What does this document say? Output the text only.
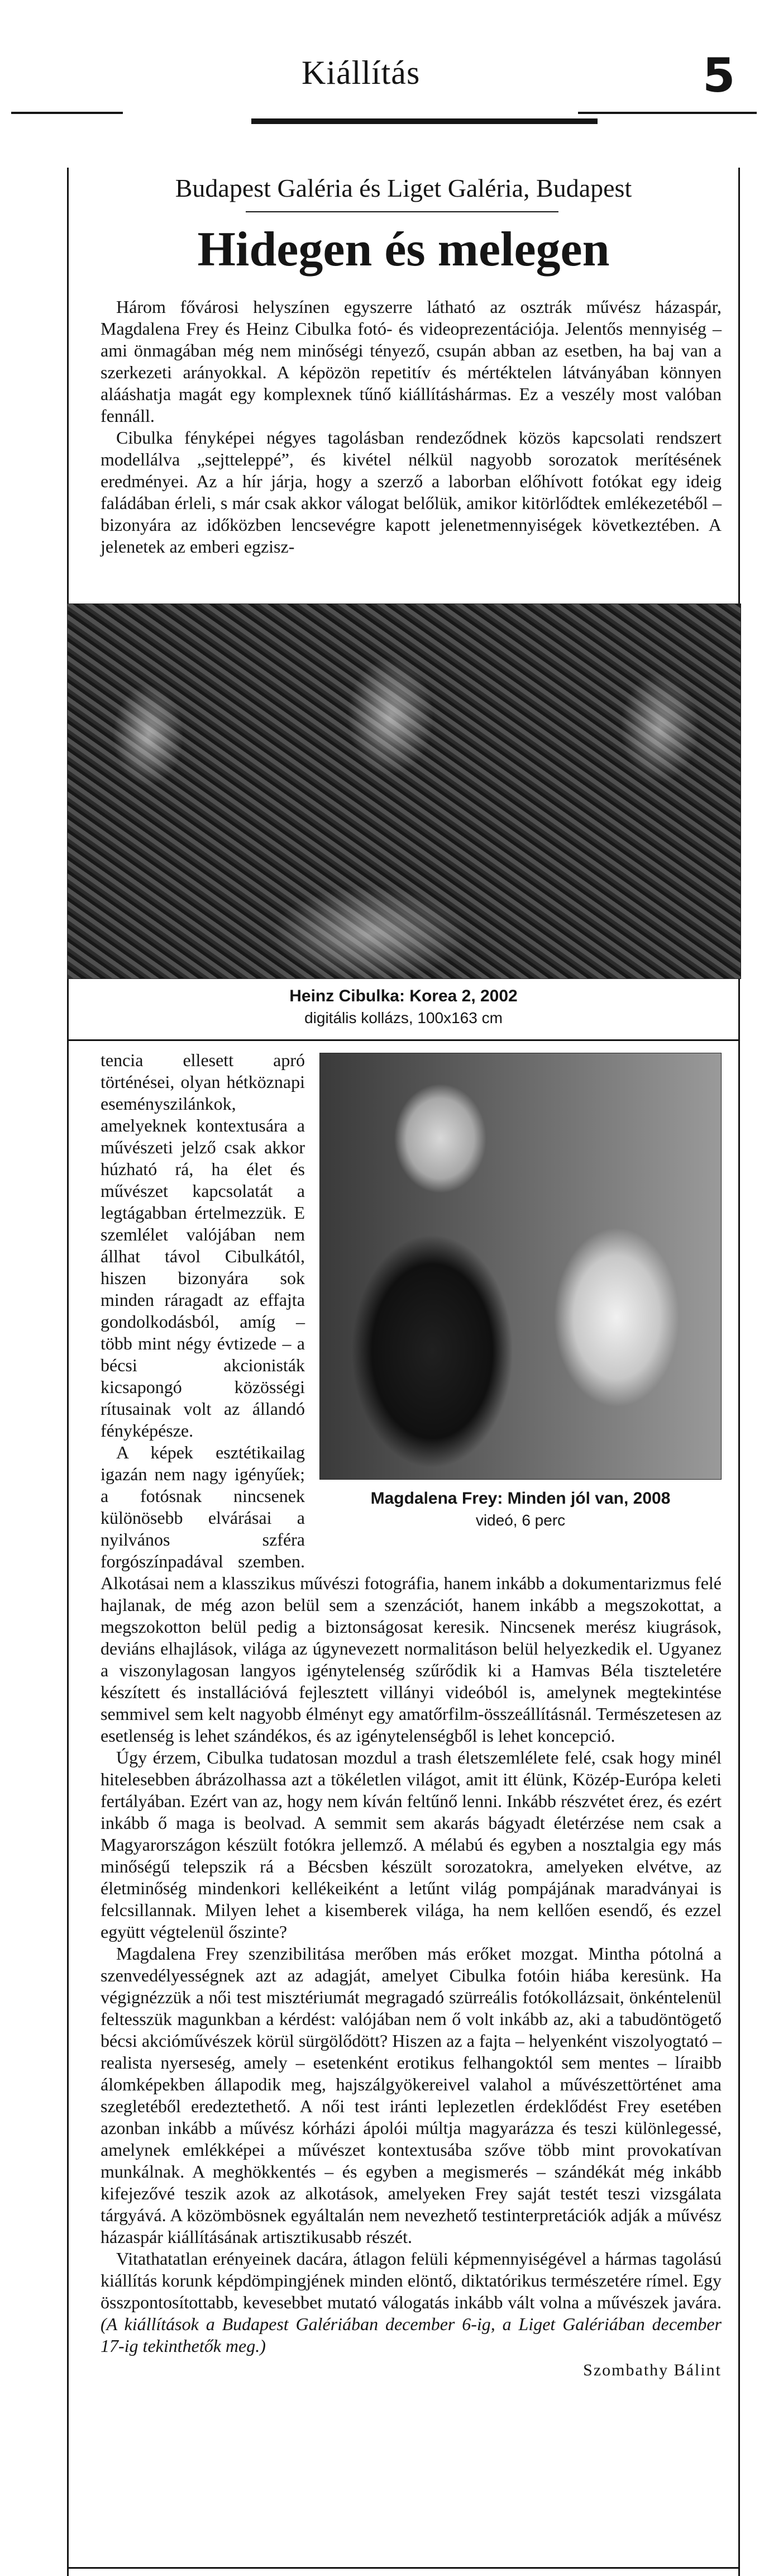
Kiállítás	5
Budapest Galéria és Liget Galéria, Budapest
Hidegen és melegen

Három fővárosi helyszínen egyszerre látható az osztrák művész házaspár, Magdalena Frey és Heinz Cibulka fotó- és videoprezentációja. Jelentős mennyiség – ami önmagában még nem minőségi tényező, csupán abban az esetben, ha baj van a szerkezeti arányokkal. A képözön repetitív és mértéktelen látványában könnyen alááshatja magát egy komplexnek tűnő kiállításhármas. Ez a veszély most valóban fennáll.

Cibulka fényképei négyes tagolásban rendeződnek közös kapcsolati rendszert modellálva „sejtteleppé”, és kivétel nélkül nagyobb sorozatok merítésének eredményei. Az a hír járja, hogy a szerző a laborban előhívott fotókat egy ideig faládában érleli, s már csak akkor válogat belőlük, amikor kitörlődtek emlékezetéből – bizonyára az időközben lencsevégre kapott jelenetmennyiségek következtében. A jelenetek az emberi egzisz-

Heinz Cibulka: Korea 2, 2002
digitális kollázs, 100x163 cm
Magdalena Frey: Minden jól van, 2008
videó, 6 perc

tencia ellesett apró történései, olyan hétköznapi eseményszilánkok, amelyeknek kontextusára a művészeti jelző csak akkor húzható rá, ha élet és művészet kapcsolatát a legtágabban értelmezzük. E szemlélet valójában nem állhat távol Cibulkától, hiszen bizonyára sok minden ráragadt az effajta gondolkodásból, amíg – több mint négy évtizede – a bécsi akcionisták kicsapongó közösségi rítusainak volt az állandó fényképésze.

A képek esztétikailag igazán nem nagy igényűek; a fotósnak nincsenek különösebb elvárásai a nyilvános szféra forgószínpadával szemben. Alkotásai nem a klasszikus művészi fotográfia, hanem inkább a dokumentarizmus felé hajlanak, de még azon belül sem a szenzációt, hanem inkább a megszokottat, a megszokotton belül pedig a biztonságosat keresik. Nincsenek merész kiugrások, deviáns elhajlások, világa az úgynevezett normalitáson belül helyezkedik el. Ugyanez a viszonylagosan langyos igénytelenség szűrődik ki a Hamvas Béla tiszteletére készített és installációvá fejlesztett villányi videóból is, amelynek megtekintése semmivel sem kelt nagyobb élményt egy amatőrfilm-összeállításnál. Természetesen az esetlenség is lehet szándékos, és az igénytelenségből is lehet koncepció.

Úgy érzem, Cibulka tudatosan mozdul a trash életszemlélete felé, csak hogy minél hitelesebben ábrázolhassa azt a tökéletlen világot, amit itt élünk, Közép-Európa keleti fertályában. Ezért van az, hogy nem kíván feltűnő lenni. Inkább részvétet érez, és ezért inkább ő maga is beolvad. A semmit sem akarás bágyadt életérzése nem csak a Magyarországon készült fotókra jellemző. A mélabú és egyben a nosztalgia egy más minőségű telepszik rá a Bécsben készült sorozatokra, amelyeken elvétve, az életminőség mindenkori kellékeiként a letűnt világ pompájának maradványai is felcsillannak. Milyen lehet a kisemberek világa, ha nem kellően esendő, és ezzel együtt végtelenül őszinte?

Magdalena Frey szenzibilitása merőben más erőket mozgat. Mintha pótolná a szenvedélyességnek azt az adagját, amelyet Cibulka fotóin hiába keresünk. Ha végignézzük a női test misztériumát megragadó szürreális fotókollázsait, önkéntelenül feltesszük magunkban a kérdést: valójában nem ő volt inkább az, aki a tabudöntögető bécsi akcióművészek körül sürgölődött? Hiszen az a fajta – helyenként viszolyogtató – realista nyerseség, amely – esetenként erotikus felhangoktól sem mentes – líraibb álomképekben állapodik meg, hajszálgyökereivel valahol a művészettörténet ama szegletéből eredeztethető. A női test iránti leplezetlen érdeklődést Frey esetében azonban inkább a művész kórházi ápolói múltja magyarázza és teszi különlegessé, amelynek emlékképei a művészet kontextusába szőve több mint provokatívan munkálnak. A meghökkentés – és egyben a megismerés – szándékát még inkább kifejezővé teszik azok az alkotások, amelyeken Frey saját testét teszi vizsgálata tárgyává. A közömbösnek egyáltalán nem nevezhető testinterpretációk adják a művész házaspár kiállításának artisztikusabb részét.

Vitathatatlan erényeinek dacára, átlagon felüli képmennyiségével a hármas tagolású kiállítás korunk képdömpingjének minden elöntő, diktatórikus természetére rímel. Egy összpontosítottabb, kevesebbet mutató válogatás inkább vált volna a művészek javára. (A kiállítások a Budapest Galériában december 6-ig, a Liget Galériában december 17-ig tekinthetők meg.)

Szombathy Bálint
